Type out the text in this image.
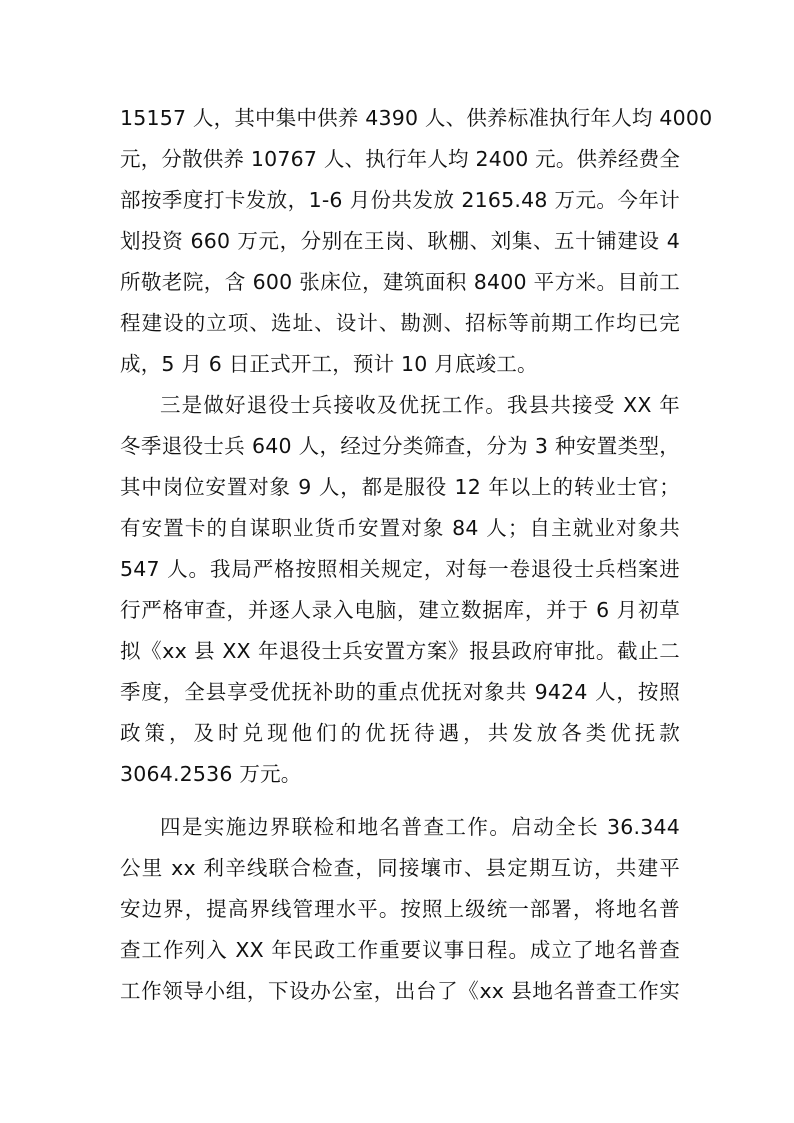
15157 人，其中集中供养 4390 人、供养标准执行年人均 4000
元，分散供养 10767 人、执行年人均 2400 元。供养经费全
部按季度打卡发放，1-6 月份共发放 2165.48 万元。今年计
划投资 660 万元，分别在王岗、耿棚、刘集、五十铺建设 4
所敬老院，含 600 张床位，建筑面积 8400 平方米。目前工
程建设的立项、选址、设计、勘测、招标等前期工作均已完
成，5 月 6 日正式开工，预计 10 月底竣工。
三是做好退役士兵接收及优抚工作。我县共接受 XX 年
冬季退役士兵 640 人，经过分类筛查，分为 3 种安置类型，
其中岗位安置对象 9 人，都是服役 12 年以上的转业士官；
有安置卡的自谋职业货币安置对象 84 人；自主就业对象共
547 人。我局严格按照相关规定，对每一卷退役士兵档案进
行严格审查，并逐人录入电脑，建立数据库，并于 6 月初草
拟《xx 县 XX 年退役士兵安置方案》报县政府审批。截止二
季度，全县享受优抚补助的重点优抚对象共 9424 人，按照
政策，及时兑现他们的优抚待遇，共发放各类优抚款
3064.2536 万元。
四是实施边界联检和地名普查工作。启动全长 36.344
公里 xx 利辛线联合检查，同接壤市、县定期互访，共建平
安边界，提高界线管理水平。按照上级统一部署，将地名普
查工作列入 XX 年民政工作重要议事日程。成立了地名普查
工作领导小组，下设办公室，出台了《xx 县地名普查工作实
